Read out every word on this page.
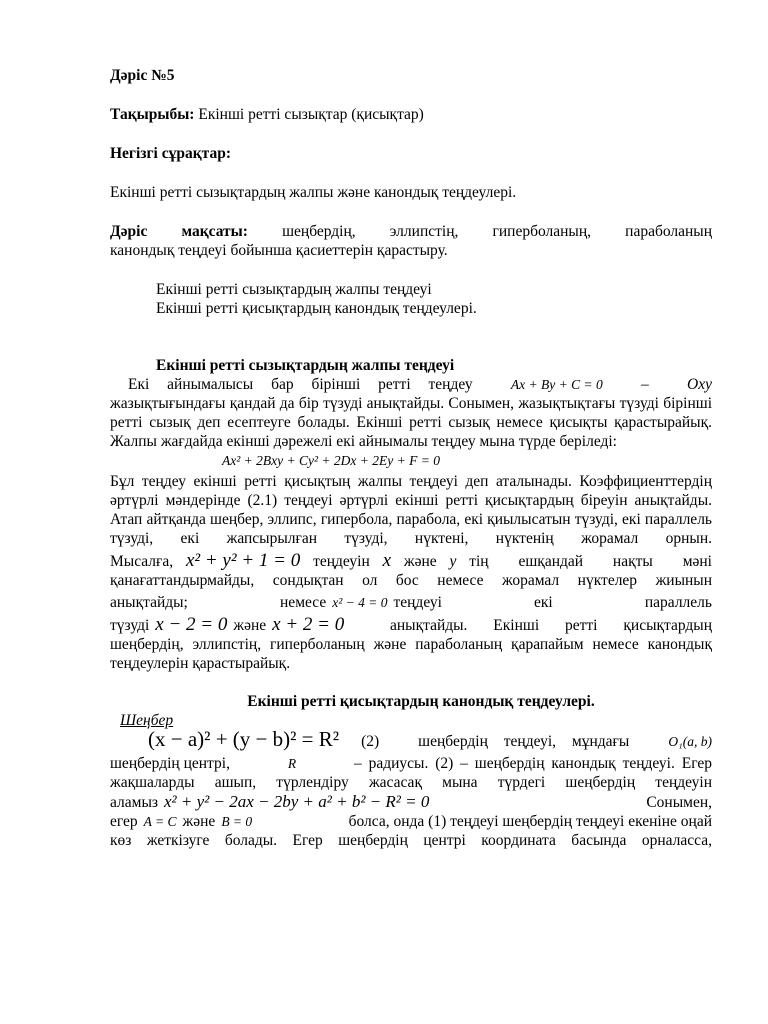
Дәріс №5

Тақырыбы: Екінші ретті сызықтар (қисықтар)

Негізгі сұрақтар:

Екінші ретті сызықтардың жалпы және канондық теңдеулері.

Дәріс мақсаты: шеңбердің, эллипстің, гиперболаның, параболаның

канондық теңдеуі бойынша қасиеттерін қарастыру.

Екінші ретті сызықтардың жалпы теңдеуі

Екінші ретті қисықтардың канондық теңдеулері.

Екінші ретті сызықтардың жалпы теңдеуі

Екі айнымалысы бар бірінші ретті теңдеу	Ax + By + C = 0	–	Oxy

жазықтығындағы қандай да бір түзуді анықтайды. Сонымен, жазықтықтағы түзуді бірінші ретті сызық деп есептеуге болады. Екінші ретті сызық немесе қисықты қарастырайық. Жалпы жағдайда екінші дәрежелі екі айнымалы теңдеу мына түрде беріледі:

Ax² + 2Bxy + Cy² + 2Dx + 2Ey + F = 0

Бұл теңдеу екінші ретті қисықтың жалпы теңдеуі деп аталынады. Коэффициенттердің әртүрлі мәндерінде (2.1) теңдеуі әртүрлі екінші ретті қисықтардың біреуін анықтайды. Атап айтқанда шеңбер, эллипс, гипербола, парабола, екі қиылысатын түзуді, екі параллель түзуді, екі жапсырылған түзуді, нүктені, нүктенің жорамал орнын.

Мысалға, x² + y² + 1 = 0 теңдеуін x және y тің ешқандай нақты мәні

қанағаттандырмайды, сондықтан ол бос немесе жорамал нүктелер жиынын

анықтайды;	немесе x² − 4 = 0 теңдеуі	екі	параллель
түзуді x − 2 = 0 және x + 2 = 0	анықтайды. Екінші ретті қисықтардың

шеңбердің, эллипстің, гиперболаның және параболаның қарапайым немесе канондық теңдеулерін қарастырайық.

Екінші ретті қисықтардың канондық теңдеулері.

Шеңбер

(x − a)² + (y − b)² = R² (2)	шеңбердің теңдеуі, мұндағы	O₁(a, b)
шеңбердің центрі,	R	– радиусы. (2) – шеңбердің канондық теңдеуі. Егер

жақшаларды ашып, түрлендіру жасасақ мына түрдегі шеңбердің теңдеуін

аламыз x² + y² − 2ax − 2by + a² + b² − R² = 0	Сонымен,
егер A = C және B = 0	болса, онда (1) теңдеуі шеңбердің теңдеуі екеніне оңай

көз жеткізуге болады. Егер шеңбердің центрі координата басында орналасса,
